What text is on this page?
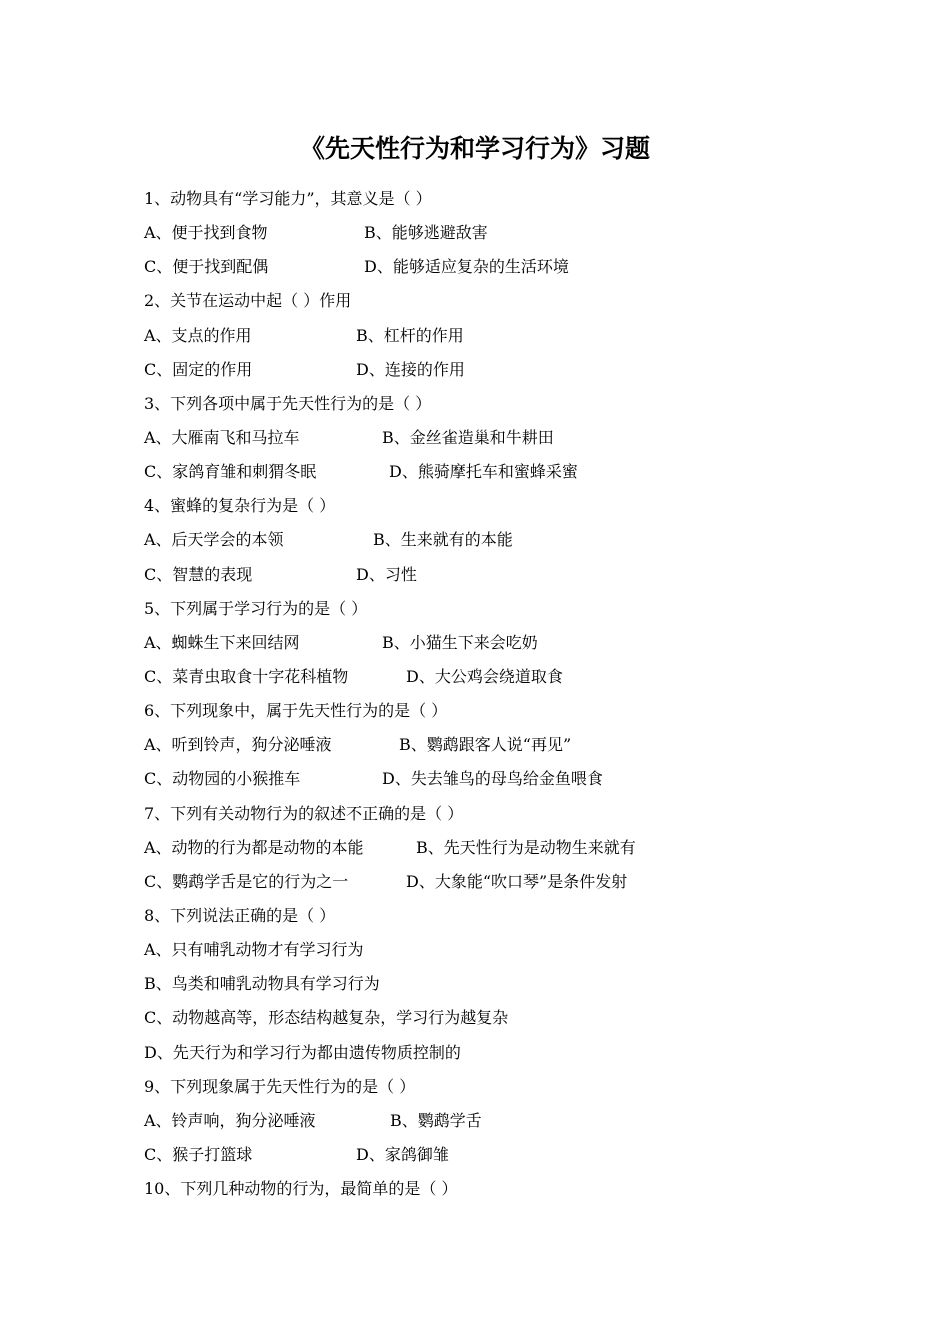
《先天性行为和学习行为》习题
1、动物具有“学习能力”，其意义是（ ）
A、便于找到食物	B、能够逃避敌害
C、便于找到配偶	D、能够适应复杂的生活环境
2、关节在运动中起（ ）作用
A、支点的作用	B、杠杆的作用
C、固定的作用	D、连接的作用
3、下列各项中属于先天性行为的是（ ）
A、大雁南飞和马拉车	B、金丝雀造巢和牛耕田
C、家鸽育雏和刺猬冬眠	D、熊骑摩托车和蜜蜂采蜜
4、蜜蜂的复杂行为是（ ）
A、后天学会的本领	B、生来就有的本能
C、智慧的表现	D、习性
5、下列属于学习行为的是（ ）
A、蜘蛛生下来回结网	B、小猫生下来会吃奶
C、菜青虫取食十字花科植物	D、大公鸡会绕道取食
6、下列现象中，属于先天性行为的是（ ）
A、听到铃声，狗分泌唾液	B、鹦鹉跟客人说“再见”
C、动物园的小猴推车	D、失去雏鸟的母鸟给金鱼喂食
7、下列有关动物行为的叙述不正确的是（ ）
A、动物的行为都是动物的本能	B、先天性行为是动物生来就有
C、鹦鹉学舌是它的行为之一	D、大象能“吹口琴”是条件发射
8、下列说法正确的是（ ）
A、只有哺乳动物才有学习行为
B、鸟类和哺乳动物具有学习行为
C、动物越高等，形态结构越复杂，学习行为越复杂
D、先天行为和学习行为都由遗传物质控制的
9、下列现象属于先天性行为的是（ ）
A、铃声响，狗分泌唾液	B、鹦鹉学舌
C、猴子打篮球	D、家鸽御雏
10、下列几种动物的行为，最简单的是（ ）
